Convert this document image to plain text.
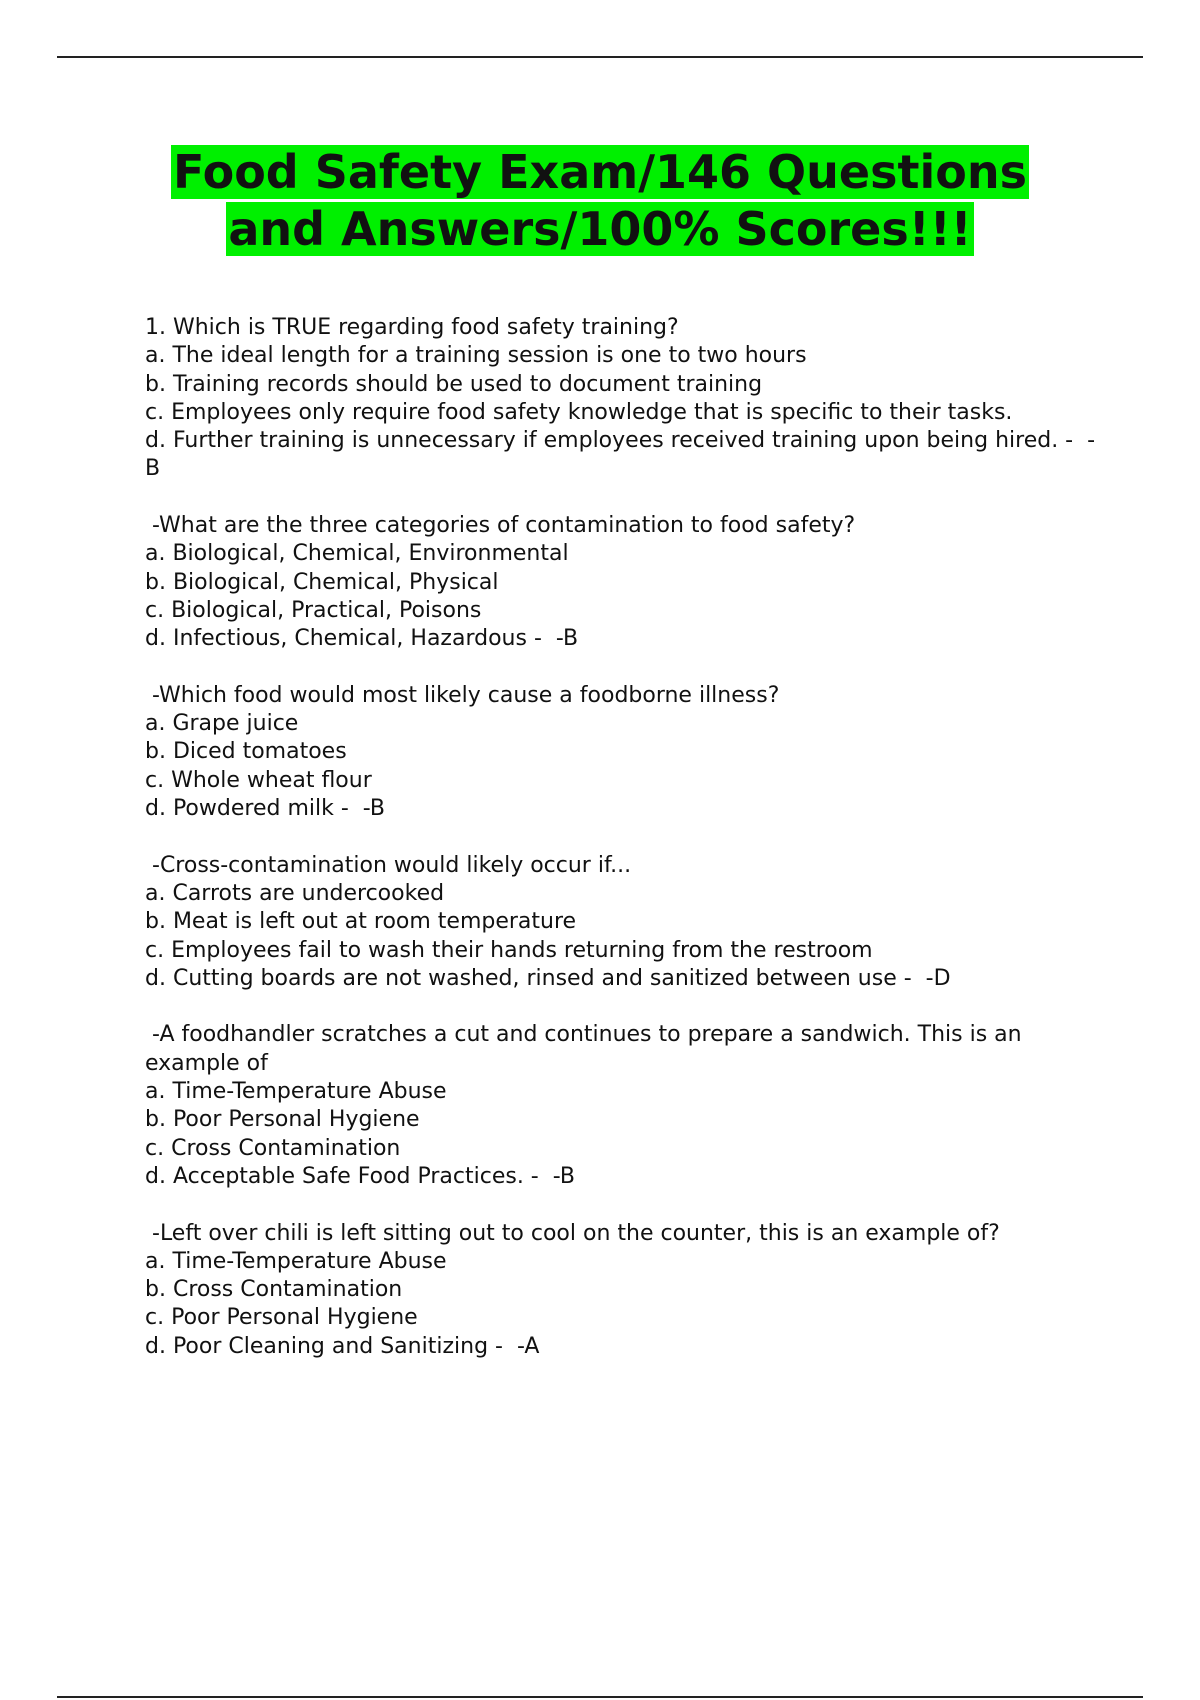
Food Safety Exam/146 Questions
and Answers/100% Scores!!!
1. Which is TRUE regarding food safety training?
a. The ideal length for a training session is one to two hours
b. Training records should be used to document training
c. Employees only require food safety knowledge that is specific to their tasks.
d. Further training is unnecessary if employees received training upon being hired. -  -B
-What are the three categories of contamination to food safety?
a. Biological, Chemical, Environmental
b. Biological, Chemical, Physical
c. Biological, Practical, Poisons
d. Infectious, Chemical, Hazardous -  -B
-Which food would most likely cause a foodborne illness?
a. Grape juice
b. Diced tomatoes
c. Whole wheat flour
d. Powdered milk -  -B
-Cross-contamination would likely occur if...
a. Carrots are undercooked
b. Meat is left out at room temperature
c. Employees fail to wash their hands returning from the restroom
d. Cutting boards are not washed, rinsed and sanitized between use -  -D
-A foodhandler scratches a cut and continues to prepare a sandwich. This is an example of
a. Time-Temperature Abuse
b. Poor Personal Hygiene
c. Cross Contamination
d. Acceptable Safe Food Practices. -  -B
-Left over chili is left sitting out to cool on the counter, this is an example of?
a. Time-Temperature Abuse
b. Cross Contamination
c. Poor Personal Hygiene
d. Poor Cleaning and Sanitizing -  -A
